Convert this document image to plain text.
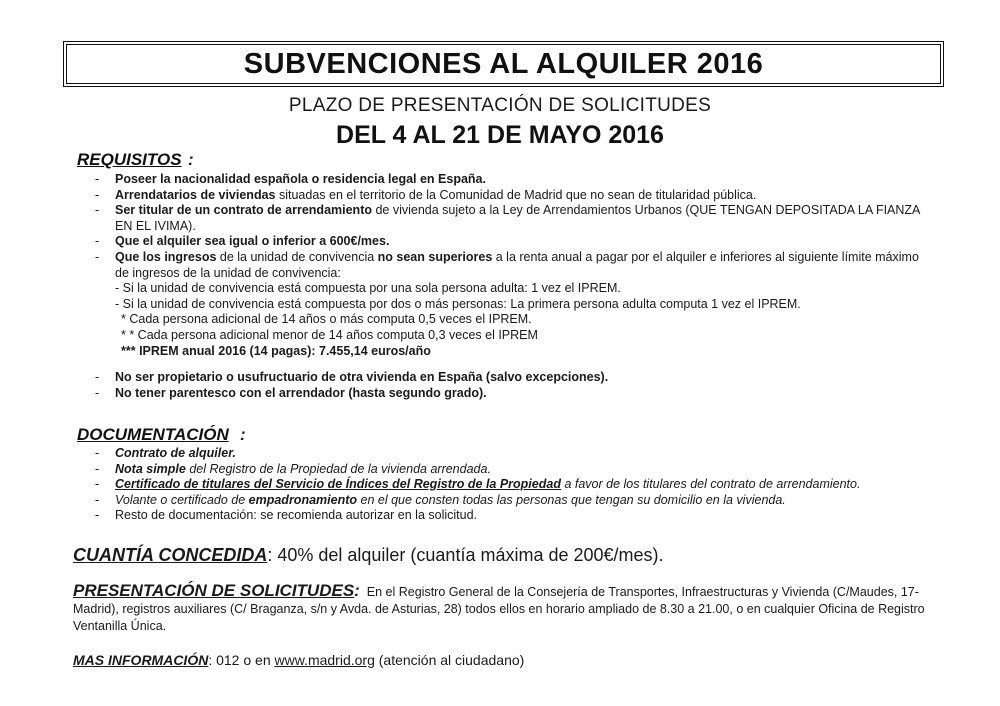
SUBVENCIONES AL ALQUILER 2016
PLAZO DE PRESENTACIÓN DE SOLICITUDES
DEL 4 AL 21 DE MAYO 2016
REQUISITOS :
- Poseer la nacionalidad española o residencia legal en España.
- Arrendatarios de viviendas situadas en el territorio de la Comunidad de Madrid que no sean de titularidad pública.
- Ser titular de un contrato de arrendamiento de vivienda sujeto a la Ley de Arrendamientos Urbanos (QUE TENGAN DEPOSITADA LA FIANZA EN EL IVIMA).
- Que el alquiler sea igual o inferior a 600€/mes.
- Que los ingresos de la unidad de convivencia no sean superiores a la renta anual a pagar por el alquiler e inferiores al siguiente límite máximo de ingresos de la unidad de convivencia:
- Si la unidad de convivencia está compuesta por una sola persona adulta: 1 vez el IPREM.
- Si la unidad de convivencia está compuesta por dos o más personas: La primera persona adulta computa 1 vez el IPREM.
* Cada persona adicional de 14 años o más computa 0,5 veces el IPREM.
* * Cada persona adicional menor de 14 años computa 0,3 veces el IPREM
*** IPREM anual 2016 (14 pagas): 7.455,14 euros/año
- No ser propietario o usufructuario de otra vivienda en España (salvo excepciones).
- No tener parentesco con el arrendador (hasta segundo grado).
DOCUMENTACIÓN :
- Contrato de alquiler.
- Nota simple del Registro de la Propiedad de la vivienda arrendada.
- Certificado de titulares del Servicio de Índices del Registro de la Propiedad a favor de los titulares del contrato de arrendamiento.
- Volante o certificado de empadronamiento en el que consten todas las personas que tengan su domicilio en la vivienda.
- Resto de documentación: se recomienda autorizar en la solicitud.
CUANTÍA CONCEDIDA: 40% del alquiler (cuantía máxima de 200€/mes).
PRESENTACIÓN DE SOLICITUDES: En el Registro General de la Consejería de Transportes, Infraestructuras y Vivienda (C/Maudes, 17-Madrid), registros auxiliares (C/ Braganza, s/n y Avda. de Asturias, 28) todos ellos en horario ampliado de 8.30 a 21.00, o en cualquier Oficina de Registro Ventanilla Única.
MAS INFORMACIÓN: 012 o en www.madrid.org (atención al ciudadano)
